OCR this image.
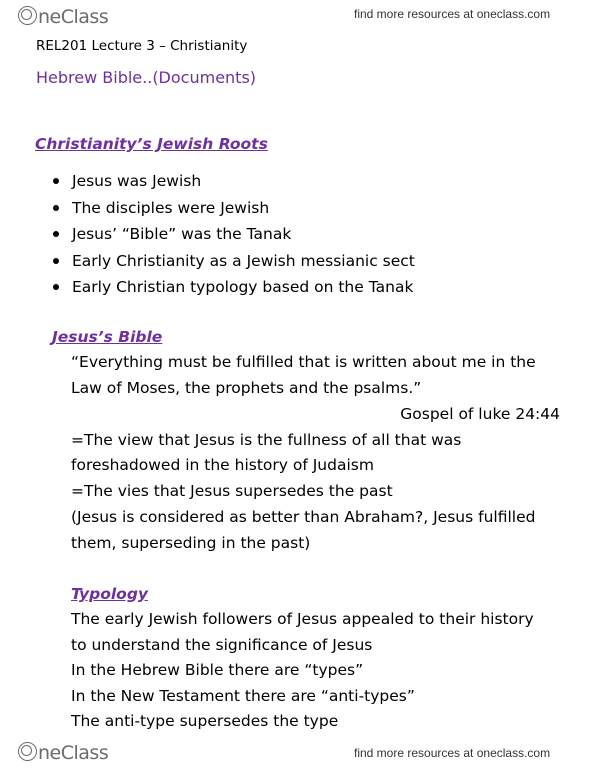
neClass	find more resources at oneclass.com
REL201 Lecture 3 – Christianity
Hebrew Bible..(Documents)
Christianity’s Jewish Roots
Jesus was Jewish
The disciples were Jewish
Jesus’ “Bible” was the Tanak
Early Christianity as a Jewish messianic sect
Early Christian typology based on the Tanak
Jesus’s Bible
“Everything must be fulfilled that is written about me in the
Law of Moses, the prophets and the psalms.”
Gospel of luke 24:44
=The view that Jesus is the fullness of all that was
foreshadowed in the history of Judaism
=The vies that Jesus supersedes the past
(Jesus is considered as better than Abraham?, Jesus fulfilled
them, superseding in the past)
Typology
The early Jewish followers of Jesus appealed to their history
to understand the significance of Jesus
In the Hebrew Bible there are “types”
In the New Testament there are “anti-types”
The anti-type supersedes the type
neClass	find more resources at oneclass.com
